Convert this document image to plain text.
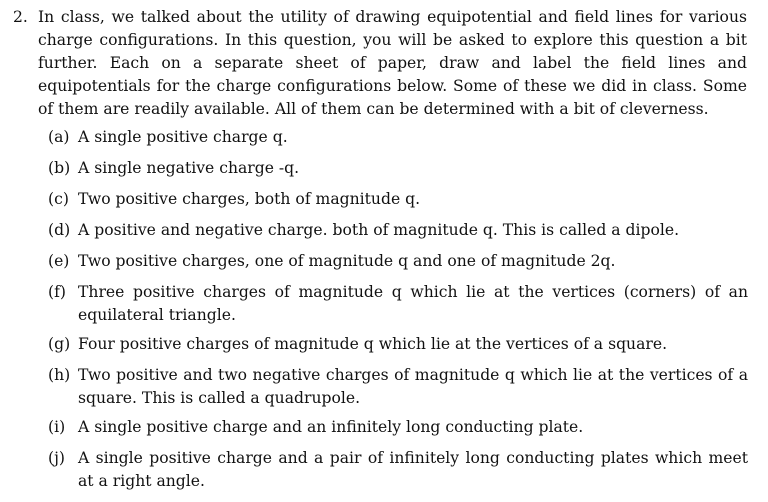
2. In class, we talked about the utility of drawing equipotential and field lines for various charge configurations. In this question, you will be asked to explore this question a bit further. Each on a separate sheet of paper, draw and label the field lines and equipotentials for the charge configurations below. Some of these we did in class. Some of them are readily available. All of them can be determined with a bit of cleverness.
(a) A single positive charge q.
(b) A single negative charge -q.
(c) Two positive charges, both of magnitude q.
(d) A positive and negative charge. both of magnitude q. This is called a dipole.
(e) Two positive charges, one of magnitude q and one of magnitude 2q.
(f) Three positive charges of magnitude q which lie at the vertices (corners) of an equilateral triangle.
(g) Four positive charges of magnitude q which lie at the vertices of a square.
(h) Two positive and two negative charges of magnitude q which lie at the vertices of a square. This is called a quadrupole.
(i) A single positive charge and an infinitely long conducting plate.
(j) A single positive charge and a pair of infinitely long conducting plates which meet at a right angle.
